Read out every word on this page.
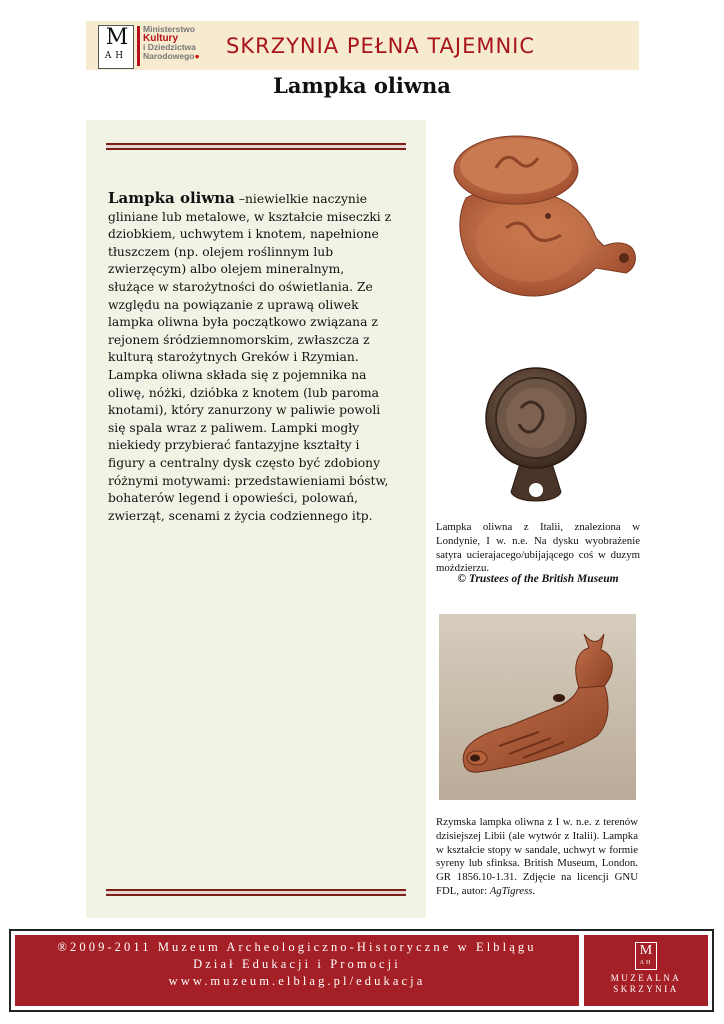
M
AH
Ministerstwo
Kultury
i Dziedzictwa
Narodowego●	SKRZYNIA PEŁNA TAJEMNIC
Lampka oliwna
Lampka oliwna –niewielkie naczynie gliniane lub metalowe, w kształcie miseczki z dziobkiem, uchwytem i knotem, napełnione tłuszczem (np. olejem roślinnym lub zwierzęcym) albo olejem mineralnym, służące w starożytności do oświetlania. Ze względu na powiązanie z uprawą oliwek lampka oliwna była początkowo związana z rejonem śródziemnomorskim, zwłaszcza z kulturą starożytnych Greków i Rzymian. Lampka oliwna składa się z pojemnika na oliwę, nóżki, dzióbka z knotem (lub paroma knotami), który zanurzony w paliwie powoli się spala wraz z paliwem. Lampki mogły niekiedy przybierać fantazyjne kształty i figury a centralny dysk często być zdobiony różnymi motywami: przedstawieniami bóstw, bohaterów legend i opowieści, polowań, zwierząt, scenami z życia codziennego itp.
Lampka oliwna z Italii, znaleziona w Londynie, I w. n.e. Na dysku wyobrażenie satyra ucierajacego/ubijającego coś w duzym moździerzu.
© Trustees of the British Museum
Rzymska lampka oliwna z I w. n.e. z terenów dzisiejszej Libii (ale wytwór z Italii). Lampka w kształcie stopy w sandale, uchwyt w formie syreny lub sfinksa. British Museum, London. GR 1856.10-1.31. Zdjęcie na licencji GNU FDL, autor: AgTigress.
®2009-2011 Muzeum Archeologiczno-Historyczne w Elblągu
Dział Edukacji i Promocji
www.muzeum.elblag.pl/edukacja
M
AH
MUZEALNA
SKRZYNIA
